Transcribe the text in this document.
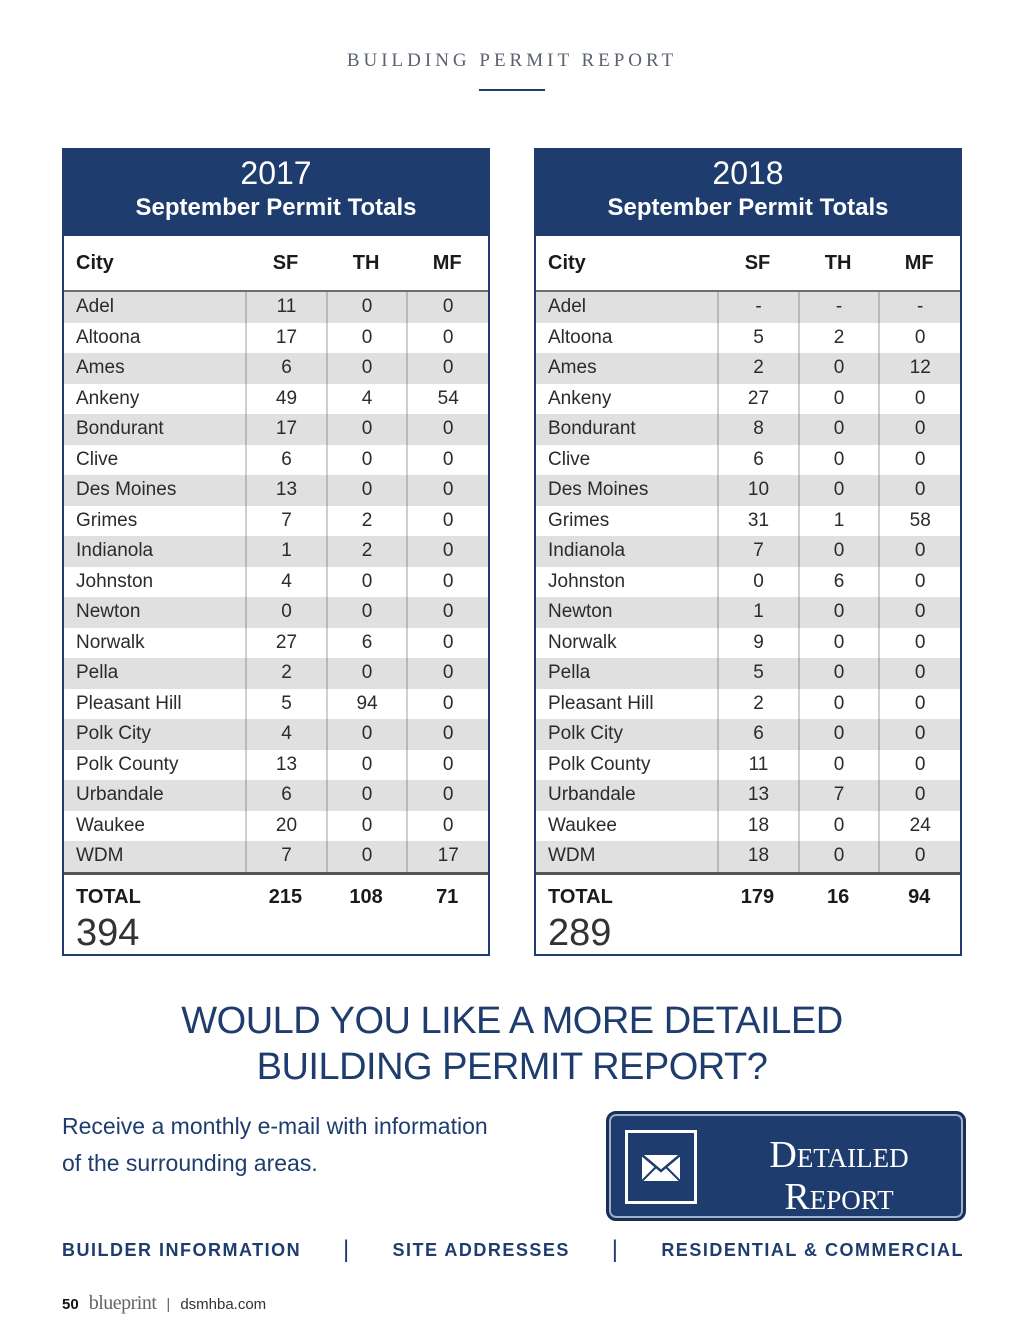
BUILDING PERMIT REPORT
2017
September Permit Totals
City	SF	TH	MF
Adel	11	0	0
Altoona	17	0	0
Ames	6	0	0
Ankeny	49	4	54
Bondurant	17	0	0
Clive	6	0	0
Des Moines	13	0	0
Grimes	7	2	0
Indianola	1	2	0
Johnston	4	0	0
Newton	0	0	0
Norwalk	27	6	0
Pella	2	0	0
Pleasant Hill	5	94	0
Polk City	4	0	0
Polk County	13	0	0
Urbandale	6	0	0
Waukee	20	0	0
WDM	7	0	17
TOTAL	215	108	71
394
2018
September Permit Totals
City	SF	TH	MF
Adel	-	-	-
Altoona	5	2	0
Ames	2	0	12
Ankeny	27	0	0
Bondurant	8	0	0
Clive	6	0	0
Des Moines	10	0	0
Grimes	31	1	58
Indianola	7	0	0
Johnston	0	6	0
Newton	1	0	0
Norwalk	9	0	0
Pella	5	0	0
Pleasant Hill	2	0	0
Polk City	6	0	0
Polk County	11	0	0
Urbandale	13	7	0
Waukee	18	0	24
WDM	18	0	0
TOTAL	179	16	94
289
WOULD YOU LIKE A MORE DETAILED
BUILDING PERMIT REPORT?
Receive a monthly e-mail with information
of the surrounding areas.	Detailed
Report
BUILDER INFORMATION | SITE ADDRESSES | RESIDENTIAL & COMMERCIAL
50 blueprint | dsmhba.com
